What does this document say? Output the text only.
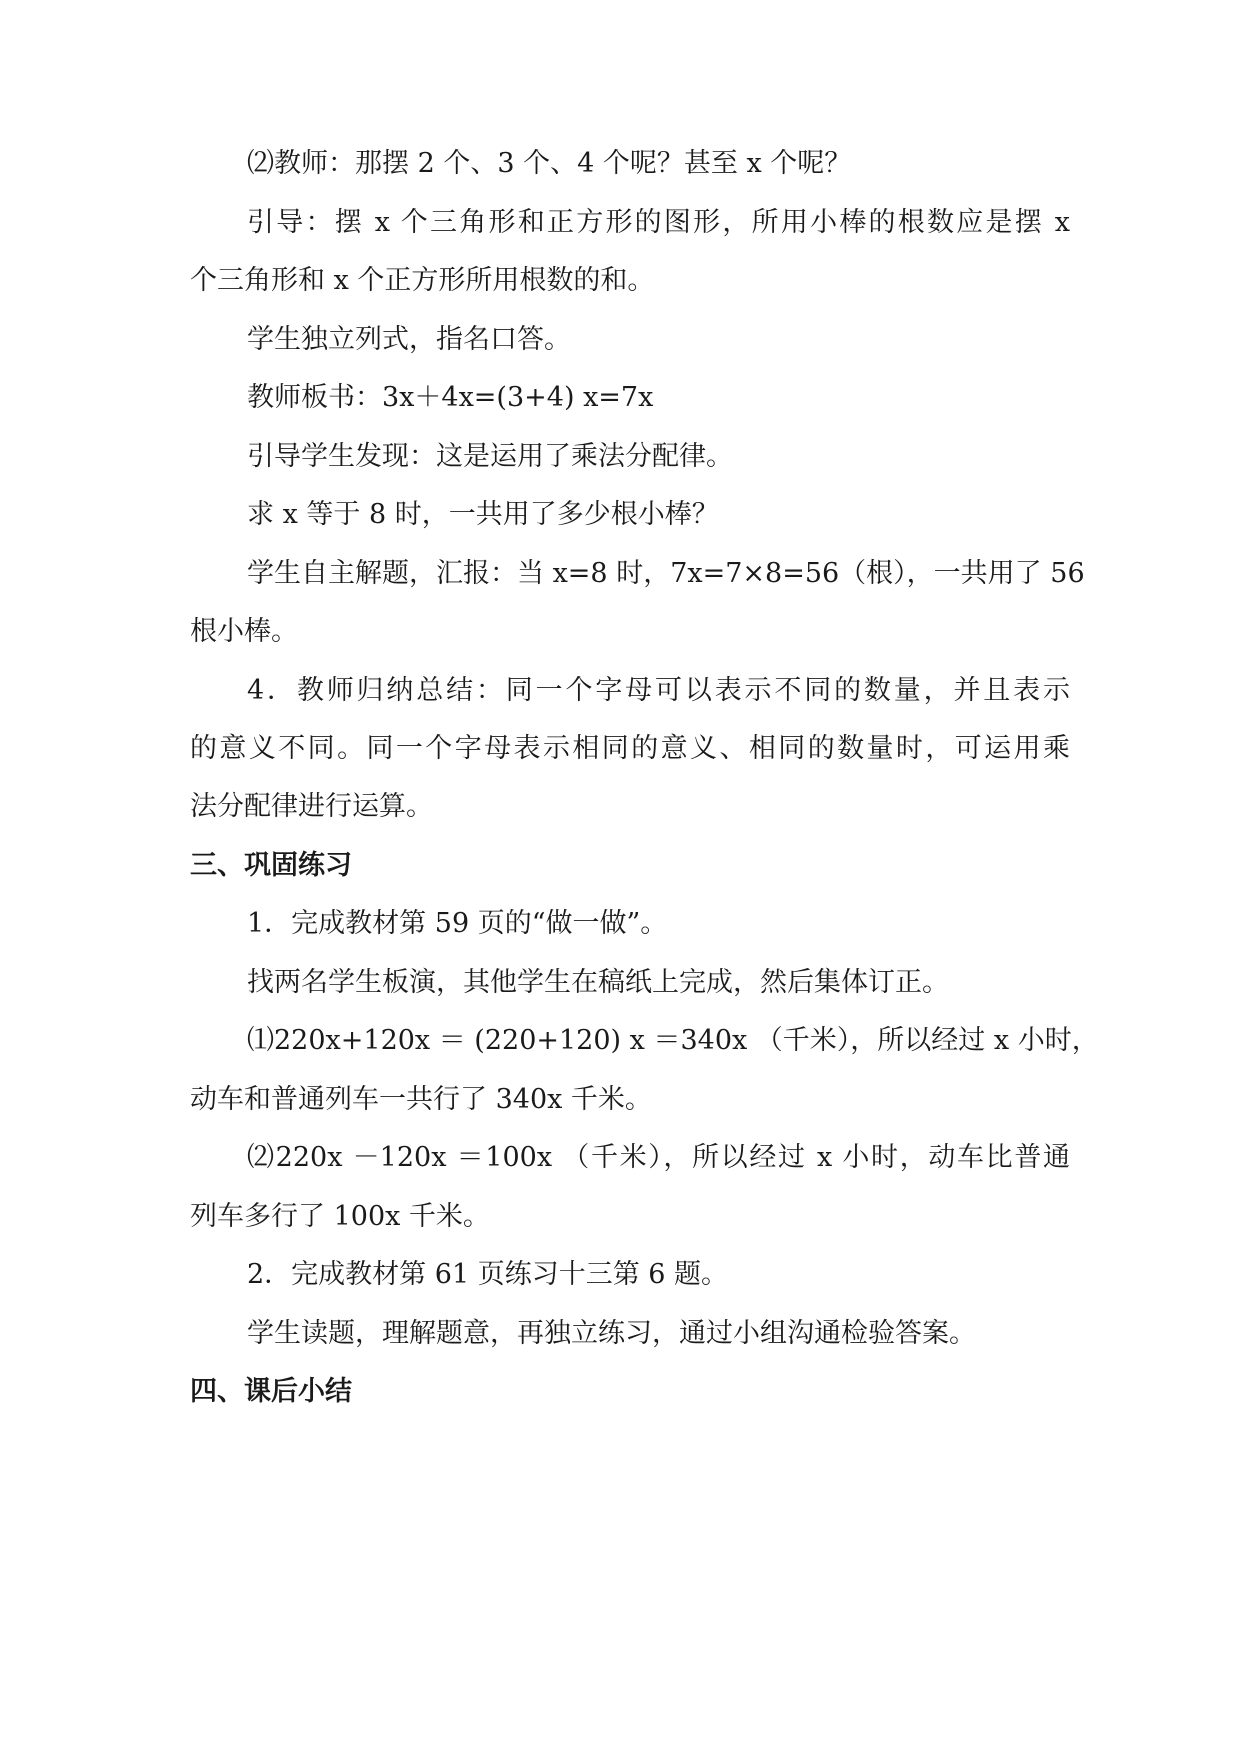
⑵教师：那摆 2 个、3 个、4 个呢？甚至 x 个呢？
引导：摆 x 个三角形和正方形的图形，所用小棒的根数应是摆 x
个三角形和 x 个正方形所用根数的和。
学生独立列式，指名口答。
教师板书：3x＋4x=(3+4) x=7x
引导学生发现：这是运用了乘法分配律。
求 x 等于 8 时，一共用了多少根小棒？
学生自主解题，汇报：当 x=8 时，7x=7×8=56（根），一共用了 56
根小棒。
4．教师归纳总结：同一个字母可以表示不同的数量，并且表示
的意义不同。同一个字母表示相同的意义、相同的数量时，可运用乘
法分配律进行运算。
三、巩固练习
1．完成教材第 59 页的“做一做”。
找两名学生板演，其他学生在稿纸上完成，然后集体订正。
⑴220x+120x ＝ (220+120) x ＝340x （千米），所以经过 x 小时，
动车和普通列车一共行了 340x 千米。
⑵220x －120x ＝100x （千米），所以经过 x 小时，动车比普通
列车多行了 100x 千米。
2．完成教材第 61 页练习十三第 6 题。
学生读题，理解题意，再独立练习，通过小组沟通检验答案。
四、课后小结
